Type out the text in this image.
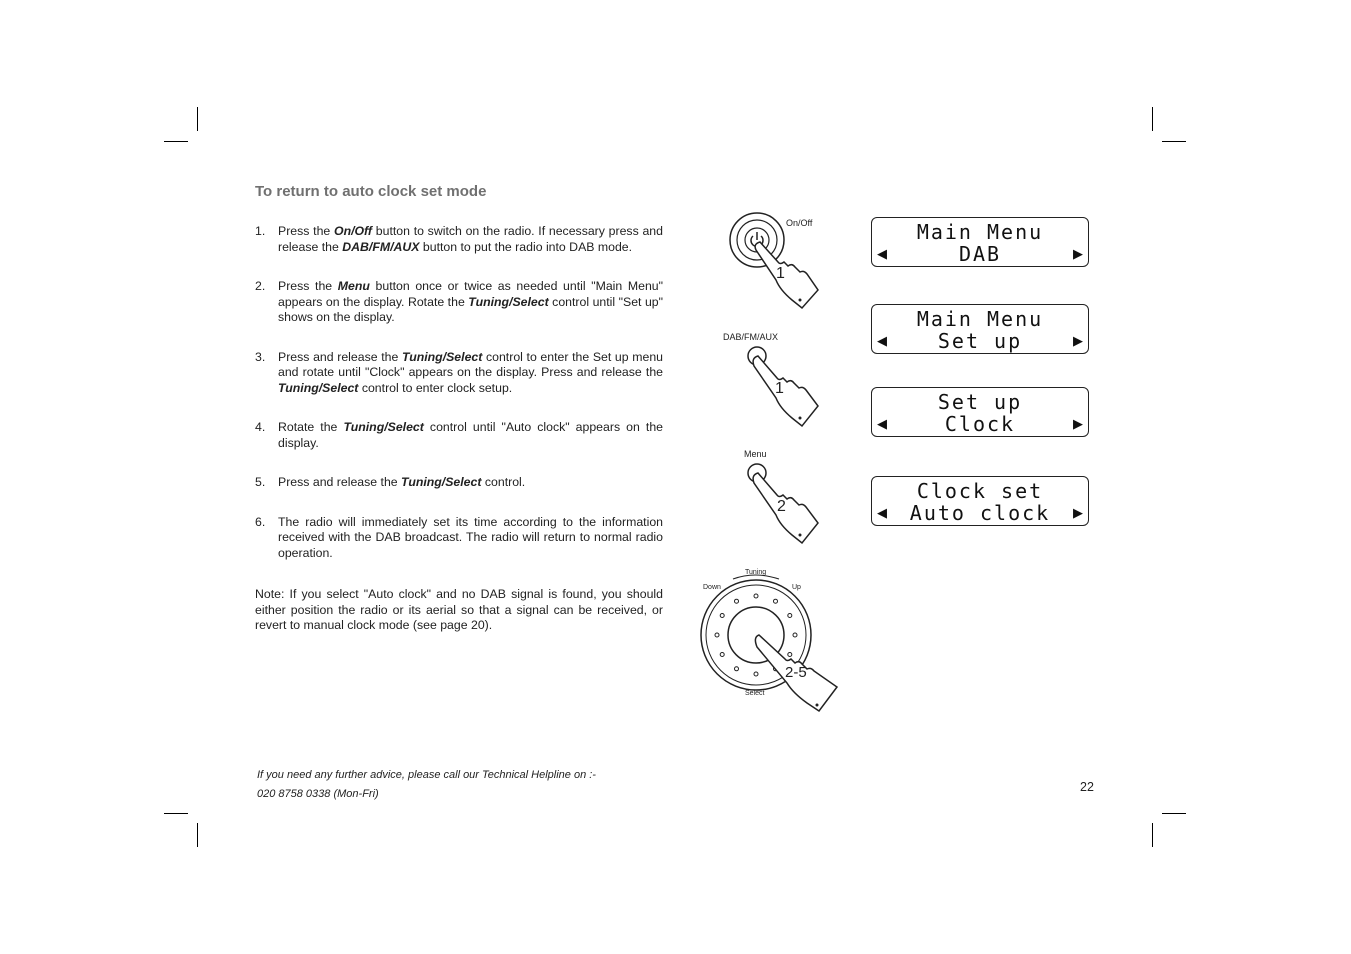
To return to auto clock set mode
1.	Press the On/Off button to switch on the radio. If necessary press and release the DAB/FM/AUX button to put the radio into DAB mode.
2.	Press the Menu button once or twice as needed until "Main Menu" appears on the display. Rotate the Tuning/Select control until "Set up" shows on the display.
3.	Press and release the Tuning/Select control to enter the Set up menu and rotate until "Clock" appears on the display. Press and release the Tuning/Select control to enter clock setup.
4.	Rotate the Tuning/Select control until "Auto clock" appears on the display.
5.	Press and release the Tuning/Select control.
6.	The radio will immediately set its time according to the information received with the DAB broadcast. The radio will return to normal radio operation.

Note: If you select "Auto clock" and no DAB signal is found, you should either position the radio or its aerial so that a signal can be received, or revert to manual clock mode (see page 20).

If you need any further advice, please call our Technical Helpline on :-
020 8758 0338 (Mon-Fri)	22
Main Menu
DAB
◀	▶
Main Menu
Set up
◀	▶
Set up
Clock
◀	▶
Clock set
Auto clock
◀	▶
On/Off
1
DAB/FM/AUX
1
Menu
2
Tuning
Down	Up
Select
2-5
